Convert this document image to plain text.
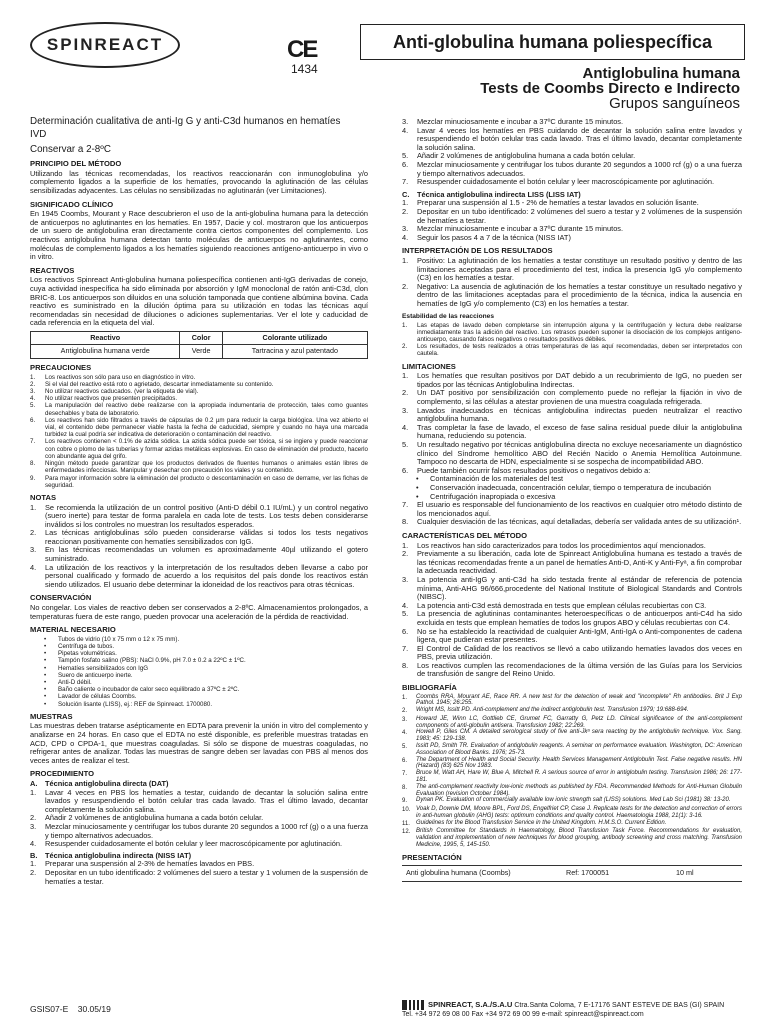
SPINREACT	CE
1434
Anti-globulina humana poliespecífica
Antiglobulina humana
Tests de Coombs Directo e Indirecto
Grupos sanguíneos
Determinación cualitativa de anti-Ig G y anti-C3d humanos en hematíes
IVD
Conservar a 2-8ºC
PRINCIPIO DEL MÉTODO

Utilizando las técnicas recomendadas, los reactivos reaccionarán con inmunoglobulina y/o complemento ligados a la superficie de los hematíes, provocando la aglutinación de las células sensibilizadas adyacentes. Las células no sensibilizadas no aglutinarán (ver Limitaciones).

SIGNIFICADO CLÍNICO

En 1945 Coombs, Mourant y Race descubrieron el uso de la anti-globulina humana para la detección de anticuerpos no aglutinantes en los hematíes. En 1957, Dacie y col. mostraron que los anticuerpos de un suero de antiglobulina eran directamente contra ciertos componentes del complemento. Los reactivos antiglobulina humana detectan tanto moléculas de anticuerpos no aglutinantes, como moléculas de complemento ligados a los hematíes siguiendo reacciones antígeno-anticuerpo in vivo o in vitro.

REACTIVOS

Los reactivos Spinreact Anti-globulina humana poliespecífica contienen anti-IgG derivadas de conejo, cuya actividad inespecífica ha sido eliminada por absorción y IgM monoclonal de ratón anti-C3d, clon BRIC-8. Los anticuerpos son diluidos en una solución tamponada que contiene albúmina bovina. Cada reactivo es suministrado en la dilución óptima para su utilización en todas las técnicas aquí recomendadas sin necesidad de diluciones o adiciones suplementarias. Ver el lote y caducidad de cada referencia en la etiqueta del vial.

Reactivo	Color	Colorante utilizado
Antiglobulina humana verde	Verde	Tartracina y azul patentado
PRECAUCIONES
1.	Los reactivos son sólo para uso en diagnóstico in vitro.
2.	Si el vial del reactivo está roto o agrietado, descartar inmediatamente su contenido.
3.	No utilizar reactivos caducados. (ver la etiqueta de vial).
4.	No utilizar reactivos que presenten precipitados.
5.	La manipulación del reactivo debe realizarse con la apropiada indumentaria de protección, tales como guantes desechables y bata de laboratorio.
6.	Los reactivos han sido filtrados a través de cápsulas de 0.2 µm para reducir la carga biológica. Una vez abierto el vial, el contenido debe permanecer viable hasta la fecha de caducidad, siempre y cuando no haya una marcada turbidez la cual podría ser indicativa de deterioración o contaminación del reactivo.
7.	Los reactivos contienen < 0.1% de azida sódica. La azida sódica puede ser tóxica, si se ingiere y puede reaccionar con cobre o plomo de las tuberías y formar azidas metálicas explosivas. En caso de eliminación del producto, hacerlo con abundante agua del grifo.
8.	Ningún método puede garantizar que los productos derivados de fluentes humanos o animales están libres de enfermedades infecciosas. Manipular y desechar con precaución los viales y su contenido.
9.	Para mayor información sobre la eliminación del producto o descontaminación en caso de derrame, ver las fichas de seguridad.
NOTAS
1.	Se recomienda la utilización de un control positivo (Anti-D débil 0.1 IU/mL) y un control negativo (suero inerte) para testar de forma paralela en cada lote de tests. Los tests deben considerarse inválidos si los controles no muestran los resultados esperados.
2.	Las técnicas antiglobulinas sólo pueden considerarse válidas si todos los tests negativos reaccionan positivamente con hematíes sensibilizados con IgG.
3.	En las técnicas recomendadas un volumen es aproximadamente 40µl utilizando el gotero suministrado.
4.	La utilización de los reactivos y la interpretación de los resultados deben llevarse a cabo por personal cualificado y formado de acuerdo a los requisitos del país donde los reactivos están siendo utilizados. El usuario debe determinar la idoneidad de los reactivos para otras técnicas.
CONSERVACIÓN

No congelar. Los viales de reactivo deben ser conservados a 2-8ºC. Almacenamientos prolongados, a temperaturas fuera de este rango, pueden provocar una aceleración de la pérdida de reactividad.

MATERIAL NECESARIO
•	Tubos de vidrio (10 x 75 mm o 12 x 75 mm).
•	Centrífuga de tubos.
•	Pipetas volumétricas.
•	Tampón fosfato salino (PBS): NaCl 0.9%, pH 7.0 ± 0.2 a 22ºC ± 1ºC.
•	Hematíes sensibilizados con IgG
•	Suero de anticuerpo inerte.
•	Anti-D débil.
•	Baño caliente o incubador de calor seco equilibrado a 37ºC ± 2ºC.
•	Lavador de células Coombs.
•	Solución lisante (LISS), ej.: REF de Spinreact. 1700080.
MUESTRAS

Las muestras deben tratarse asépticamente en EDTA para prevenir la unión in vitro del complemento y analizarse en 24 horas. En caso que el EDTA no esté disponible, es preferible muestras tratadas en ACD, CPD o CPDA-1, que muestras coaguladas. Si sólo se dispone de muestras coaguladas, no refrigerar antes de analizar. Todas las muestras de sangre deben ser lavadas con PBS al menos dos veces antes de realizar el test.

PROCEDIMIENTO
A.	Técnica antiglobulina directa (DAT)
1.	Lavar 4 veces en PBS los hematíes a testar, cuidando de decantar la solución salina entre lavados y resuspendiendo el botón celular tras cada lavado. Tras el último lavado, decantar completamente la solución salina.
2.	Añadir 2 volúmenes de antiglobulina humana a cada botón celular.
3.	Mezclar minuciosamente y centrifugar los tubos durante 20 segundos a 1000 rcf (g) o a una fuerza y tiempo alternativos adecuados.
4.	Resuspender cuidadosamente el botón celular y leer macroscópicamente por aglutinación.
B.	Técnica antiglobulina indirecta (NISS IAT)
1.	Preparar una suspensión al 2-3% de hematíes lavados en PBS.
2.	Depositar en un tubo identificado: 2 volúmenes del suero a testar y 1 volumen de la suspensión de hematíes a testar.
3.	Mezclar minuciosamente e incubar a 37ºC durante 15 minutos.
4.	Lavar 4 veces los hematíes en PBS cuidando de decantar la solución salina entre lavados y resuspendiendo el botón celular tras cada lavado. Tras el último lavado, decantar completamente la solución salina.
5.	Añadir 2 volúmenes de antiglobulina humana a cada botón celular.
6.	Mezclar minuciosamente y centrifugar los tubos durante 20 segundos a 1000 rcf (g) o a una fuerza y tiempo alternativos adecuados.
7.	Resuspender cuidadosamente el botón celular y leer macroscópicamente por aglutinación.
C.	Técnica antiglobulina indirecta LISS (LISS IAT)
1.	Preparar una suspensión al 1.5 - 2% de hematíes a testar lavados en solución lisante.
2.	Depositar en un tubo identificado: 2 volúmenes del suero a testar y 2 volúmenes de la suspensión de hematíes a testar.
3.	Mezclar minuciosamente e incubar a 37ºC durante 15 minutos.
4.	Seguir los pasos 4 a 7 de la técnica (NISS IAT)
INTERPRETACIÓN DE LOS RESULTADOS
1.	Positivo: La aglutinación de los hematíes a testar constituye un resultado positivo y dentro de las limitaciones aceptadas para el procedimiento del test, indica la presencia IgG y/o complemento (C3) en los hematíes a testar.
2.	Negativo: La ausencia de aglutinación de los hematíes a testar constituye un resultado negativo y dentro de las limitaciones aceptadas para el procedimiento de la técnica, indica la ausencia en hematíes de IgG y/o complemento (C3) en los hematíes a testar.
Estabilidad de las reacciones
1.	Las etapas de lavado deben completarse sin interrupción alguna y la centrifugación y lectura debe realizarse inmediatamente tras la adición del reactivo. Los retrasos pueden suponer la disociación de los complejos antígeno-anticuerpo, causando falsos negativos o resultados positivos débiles.
2.	Los resultados, de tests realizados a otras temperaturas de las aquí recomendadas, deben ser interpretados con cautela.
LIMITACIONES
1.	Los hematíes que resultan positivos por DAT debido a un recubrimiento de IgG, no pueden ser tipados por las técnicas Antiglobulina Indirectas.
2.	Un DAT positivo por sensibilización con complemento puede no reflejar la fijación in vivo de complemento, si las células a atestar provienen de una muestra coagulada refrigerada.
3.	Lavados inadecuados en técnicas antiglobulina indirectas pueden neutralizar el reactivo antiglobulina humana.
4.	Tras completar la fase de lavado, el exceso de fase salina residual puede diluir la antiglobulina humana, reduciendo su potencia.
5.	Un resultado negativo por técnicas antiglobulina directa no excluye necesariamente un diagnóstico clínico del Síndrome hemolítico ABO del Recién Nacido o Anemia Hemolítica Autoinmune. Tampoco no descarta de HDN, especialmente si se sospecha de incompatibilidad ABO.
6.	Puede también ocurrir falsos resultados positivos o negativos debido a:
•	Contaminación de los materiales del test
•	Conservación inadecuada, concentración celular, tiempo o temperatura de incubación
•	Centrifugación inapropiada o excesiva
7.	El usuario es responsable del funcionamiento de los reactivos en cualquier otro método distinto de los mencionados aquí.
8.	Cualquier desviación de las técnicas, aquí detalladas, debería ser validada antes de su utilización¹.
CARACTERÍSTICAS DEL MÉTODO
1.	Los reactivos han sido caracterizados para todos los procedimientos aquí mencionados.
2.	Previamente a su liberación, cada lote de Spinreact Antiglobulina humana es testado a través de las técnicas recomendadas frente a un panel de hematíes Anti-D, Anti-K y Anti-Fyᵃ, a fin comprobar la adecuada reactividad.
3.	La potencia anti-IgG y anti-C3d ha sido testada frente al estándar de referencia de potencia mínima, Anti-AHG 96/666,procedente del National Institute of Biological Standards and Controls (NIBSC).
4.	La potencia anti-C3d está demostrada en tests que emplean células recubiertas con C3.
5.	La presencia de aglutininas contaminantes heteroespecíficas o de anticuerpos anti-C4d ha sido excluida en tests que emplean hematíes de todos los grupos ABO y células recubiertas con C4.
6.	No se ha establecido la reactividad de cualquier Anti-IgM, Anti-IgA o Anti-componentes de cadena ligera, que pudieran estar presentes.
7.	El Control de Calidad de los reactivos se llevó a cabo utilizando hematíes lavados dos veces en PBS, previa utilización.
8.	Los reactivos cumplen las recomendaciones de la última versión de las Guías para los Servicios de transfusión de sangre del Reino Unido.
BIBLIOGRAFÍA
1.	Coombs RRA, Mourant AE, Race RR. A new test for the detection of weak and "incomplete" Rh antibodies. Brit J Exp Pathol. 1945; 26:255.
2.	Wright MS, Issitt PD. Anti-complement and the indirect antiglobulin test. Transfusion 1979; 19:688-694.
3.	Howard JE, Winn LC, Gottlieb CE, Grumet FC, Garratty G, Petz LD. Clinical significance of the anti-complement components of anti-globulin antisera. Transfusion 1982; 22:269.
4.	Howell P, Giles CM. A detailed serological study of five anti-Jkᵃ sera reacting by the antiglobulin technique. Vox. Sang. 1983; 45: 129-138.
5.	Issitt PD, Smith TR. Evaluation of antiglobulin reagents. A seminar on performance evaluation. Washington, DC: American Association of Blood Banks. 1976; 25-73.
6.	The Department of Health and Social Security. Health Services Management Antiglobulin Test. False negative results. HN (Hazard) (83) 625 Nov 1983.
7.	Bruce M, Watt AH, Hare W, Blue A, Mitchell R. A serious source of error in antiglobulin testing. Transfusion 1986; 26: 177-181.
8.	The anti-complement reactivity low-ionic methods as published by FDA. Recommended Methods for Anti-Human Globulin Evaluation (revision October 1984).
9.	Dynan PK. Evaluation of commercially available low ionic strength salt (LISS) solutions. Med Lab Sci (1981) 38: 13-20.
10. Voak D, Downie DM, Moore BPL, Ford DS, Engelfriet CP, Case J. Replicate tests for the detection and correction of errors in anti-human globulin (AHG) tests: optimum conditions and quality control. Haematologia 1988, 21(1): 3-16.
11.	Guidelines for the Blood Transfusion Service in the United Kingdom. H.M.S.O. Current Edition.
12. British Committee for Standards in Haematology, Blood Transfusion Task Force. Recommendations for evaluation, validation and implementation of new techniques for blood grouping, antibody screening and cross matching. Transfusion Medicine, 1995, 5, 145-150.
PRESENTACIÓN
Anti globulina humana (Coombs)	Ref: 1700051	10 ml
GSIS07-E 30.05/19	SPINREACT, S.A./S.A.U Ctra.Santa Coloma, 7 E-17176 SANT ESTEVE DE BAS (GI) SPAIN
Tel. +34 972 69 08 00 Fax +34 972 69 00 99 e-mail: spinreact@spinreact.com
